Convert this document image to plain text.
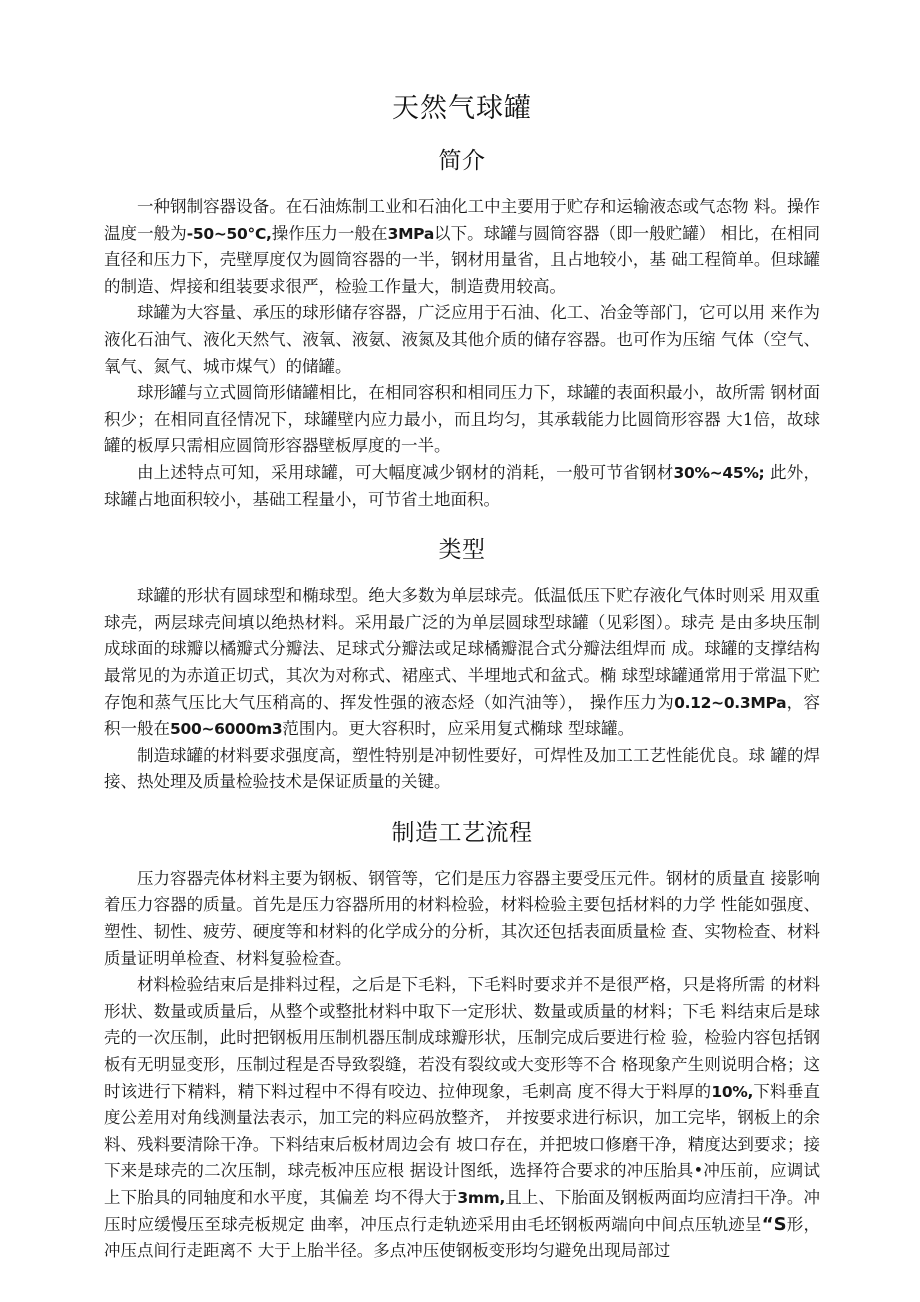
天然气球罐
简介

一种钢制容器设备。在石油炼制工业和石油化工中主要用于贮存和运输液态或气态物 料。操作温度一般为-50~50°C,操作压力一般在3MPa以下。球罐与圆筒容器（即一般贮罐） 相比，在相同直径和压力下，壳壁厚度仅为圆筒容器的一半，钢材用量省，且占地较小，基 础工程简单。但球罐的制造、焊接和组装要求很严，检验工作量大，制造费用较高。

球罐为大容量、承压的球形储存容器，广泛应用于石油、化工、冶金等部门，它可以用 来作为液化石油气、液化天然气、液氧、液氨、液氮及其他介质的储存容器。也可作为压缩 气体（空气、氧气、氮气、城市煤气）的储罐。

球形罐与立式圆筒形储罐相比，在相同容积和相同压力下，球罐的表面积最小，故所需 钢材面积少；在相同直径情况下，球罐壁内应力最小，而且均匀，其承载能力比圆筒形容器 大1倍，故球罐的板厚只需相应圆筒形容器壁板厚度的一半。

由上述特点可知，采用球罐，可大幅度减少钢材的消耗，一般可节省钢材30%~45%; 此外，球罐占地面积较小，基础工程量小，可节省土地面积。

类型

球罐的形状有圆球型和椭球型。绝大多数为单层球壳。低温低压下贮存液化气体时则采 用双重球壳，两层球壳间填以绝热材料。采用最广泛的为单层圆球型球罐（见彩图）。球壳 是由多块压制成球面的球瓣以橘瓣式分瓣法、足球式分瓣法或足球橘瓣混合式分瓣法组焊而 成。球罐的支撑结构最常见的为赤道正切式，其次为对称式、裙座式、半埋地式和盆式。椭 球型球罐通常用于常温下贮存饱和蒸气压比大气压稍高的、挥发性强的液态烃（如汽油等）， 操作压力为0.12~0.3MPa，容积一般在500~6000m3范围内。更大容积时，应采用复式椭球 型球罐。

制造球罐的材料要求强度高，塑性特别是冲韧性要好，可焊性及加工工艺性能优良。球 罐的焊接、热处理及质量检验技术是保证质量的关键。

制造工艺流程

压力容器壳体材料主要为钢板、钢管等，它们是压力容器主要受压元件。钢材的质量直 接影响着压力容器的质量。首先是压力容器所用的材料检验，材料检验主要包括材料的力学 性能如强度、塑性、韧性、疲劳、硬度等和材料的化学成分的分析，其次还包括表面质量检 查、实物检查、材料质量证明单检查、材料复验检查。

材料检验结束后是排料过程，之后是下毛料，下毛料时要求并不是很严格，只是将所需 的材料形状、数量或质量后，从整个或整批材料中取下一定形状、数量或质量的材料；下毛 料结束后是球壳的一次压制，此时把钢板用压制机器压制成球瓣形状，压制完成后要进行检 验，检验内容包括钢板有无明显变形，压制过程是否导致裂缝，若没有裂纹或大变形等不合 格现象产生则说明合格；这时该进行下精料，精下料过程中不得有咬边、拉伸现象，毛刺高 度不得大于料厚的10%,下料垂直度公差用对角线测量法表示，加工完的料应码放整齐， 并按要求进行标识，加工完毕，钢板上的余料、残料要清除干净。下料结束后板材周边会有 坡口存在，并把坡口修磨干净，精度达到要求；接下来是球壳的二次压制，球壳板冲压应根 据设计图纸，选择符合要求的冲压胎具•冲压前，应调试上下胎具的同轴度和水平度，其偏差 均不得大于3mm,且上、下胎面及钢板两面均应清扫干净。冲压时应缓慢压至球壳板规定 曲率，冲压点行走轨迹采用由毛坯钢板两端向中间点压轨迹呈“S形，冲压点间行走距离不 大于上胎半径。多点冲压使钢板变形均匀避免出现局部过
